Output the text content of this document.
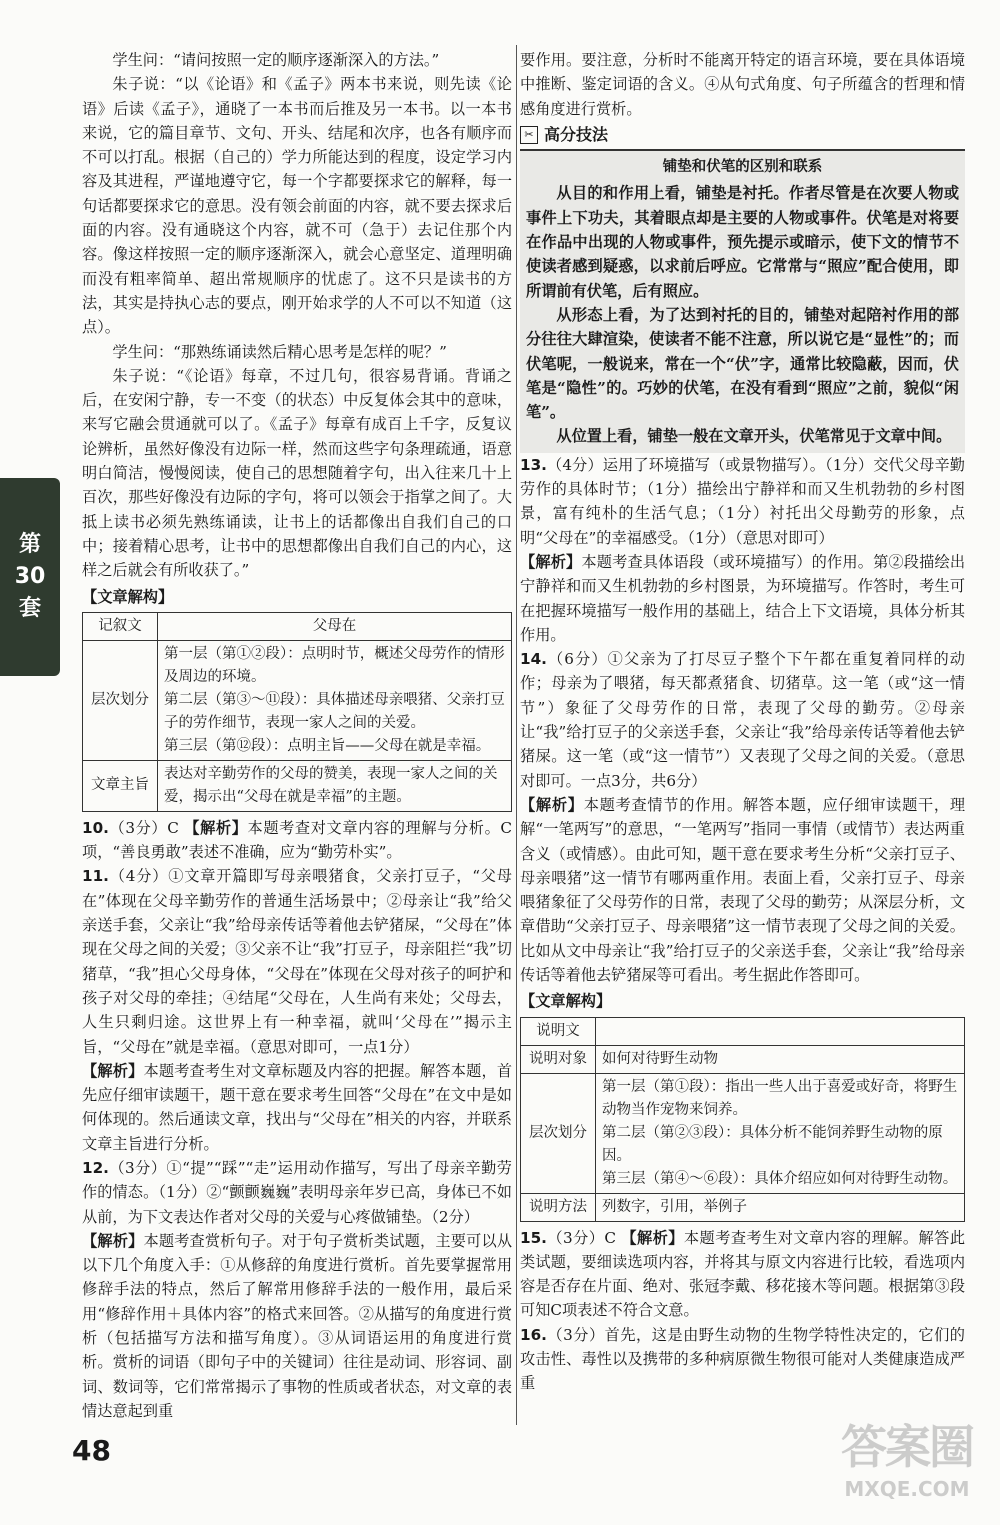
第
30
套

学生问：“请问按照一定的顺序逐渐深入的方法。”

朱子说：“以《论语》和《孟子》两本书来说，则先读《论语》后读《孟子》，通晓了一本书而后推及另一本书。以一本书来说，它的篇目章节、文句、开头、结尾和次序，也各有顺序而不可以打乱。根据（自己的）学力所能达到的程度，设定学习内容及其进程，严谨地遵守它，每一个字都要探求它的解释，每一句话都要探求它的意思。没有领会前面的内容，就不要去探求后面的内容。没有通晓这个内容，就不可（急于）去记住那个内容。像这样按照一定的顺序逐渐深入，就会心意坚定、道理明确而没有粗率简单、超出常规顺序的忧虑了。这不只是读书的方法，其实是持执心志的要点，刚开始求学的人不可以不知道（这点）。

学生问：“那熟练诵读然后精心思考是怎样的呢？”

朱子说：“《论语》每章，不过几句，很容易背诵。背诵之后，在安闲宁静，专一不变（的状态）中反复体会其中的意味，来写它融会贯通就可以了。《孟子》每章有成百上千字，反复议论辨析，虽然好像没有边际一样，然而这些字句条理疏通，语意明白简洁，慢慢阅读，使自己的思想随着字句，出入往来几十上百次，那些好像没有边际的字句，将可以领会于指掌之间了。大抵上读书必须先熟练诵读，让书上的话都像出自我们自己的口中；接着精心思考，让书中的思想都像出自我们自己的内心，这样之后就会有所收获了。”

【文章解构】
记叙文	父母在
层次划分	第一层（第①②段）：点明时节，概述父母劳作的情形及周边的环境。
第二层（第③～⑪段）：具体描述母亲喂猪、父亲打豆子的劳作细节，表现一家人之间的关爱。
第三层（第⑫段）：点明主旨——父母在就是幸福。

文章主旨	表达对辛勤劳作的父母的赞美，表现一家人之间的关爱，揭示出“父母在就是幸福”的主题。

10.（3分）C 【解析】本题考查对文章内容的理解与分析。C项，“善良勇敢”表述不准确，应为“勤劳朴实”。

11.（4分）①文章开篇即写母亲喂猪食，父亲打豆子，“父母在”体现在父母辛勤劳作的普通生活场景中；②母亲让“我”给父亲送手套，父亲让“我”给母亲传话等着他去铲猪屎，“父母在”体现在父母之间的关爱；③父亲不让“我”打豆子，母亲阻拦“我”切猪草，“我”担心父母身体，“父母在”体现在父母对孩子的呵护和孩子对父母的牵挂；④结尾“父母在，人生尚有来处；父母去，人生只剩归途。这世界上有一种幸福，就叫‘父母在’”揭示主旨，“父母在”就是幸福。（意思对即可，一点1分）

【解析】本题考查考生对文章标题及内容的把握。解答本题，首先应仔细审读题干，题干意在要求考生回答“父母在”在文中是如何体现的。然后通读文章，找出与“父母在”相关的内容，并联系文章主旨进行分析。

12.（3分）①“提”“踩”“走”运用动作描写，写出了母亲辛勤劳作的情态。（1分）②“颤颤巍巍”表明母亲年岁已高，身体已不如从前，为下文表达作者对父母的关爱与心疼做铺垫。（2分）

【解析】本题考查赏析句子。对于句子赏析类试题，主要可以从以下几个角度入手：①从修辞的角度进行赏析。首先要掌握常用修辞手法的特点，然后了解常用修辞手法的一般作用，最后采用“修辞作用＋具体内容”的格式来回答。②从描写的角度进行赏析（包括描写方法和描写角度）。③从词语运用的角度进行赏析。赏析的词语（即句子中的关键词）往往是动词、形容词、副词、数词等，它们常常揭示了事物的性质或者状态，对文章的表情达意起到重

要作用。要注意，分析时不能离开特定的语言环境，要在具体语境中推断、鉴定词语的含义。④从句式角度、句子所蕴含的哲理和情感角度进行赏析。

✂ 高分技法
铺垫和伏笔的区别和联系

从目的和作用上看，铺垫是衬托。作者尽管是在次要人物或事件上下功夫，其着眼点却是主要的人物或事件。伏笔是对将要在作品中出现的人物或事件，预先提示或暗示，使下文的情节不使读者感到疑惑，以求前后呼应。它常常与“照应”配合使用，即所谓前有伏笔，后有照应。

从形态上看，为了达到衬托的目的，铺垫对起陪衬作用的部分往往大肆渲染，使读者不能不注意，所以说它是“显性”的；而伏笔呢，一般说来，常在一个“伏”字，通常比较隐蔽，因而，伏笔是“隐性”的。巧妙的伏笔，在没有看到“照应”之前，貌似“闲笔”。

从位置上看，铺垫一般在文章开头，伏笔常见于文章中间。

13.（4分）运用了环境描写（或景物描写）。（1分）交代父母辛勤劳作的具体时节；（1分）描绘出宁静祥和而又生机勃勃的乡村图景，富有纯朴的生活气息；（1分）衬托出父母勤劳的形象，点明“父母在”的幸福感受。（1分）（意思对即可）

【解析】本题考查具体语段（或环境描写）的作用。第②段描绘出宁静祥和而又生机勃勃的乡村图景，为环境描写。作答时，考生可在把握环境描写一般作用的基础上，结合上下文语境，具体分析其作用。

14.（6分）①父亲为了打尽豆子整个下午都在重复着同样的动作；母亲为了喂猪，每天都煮猪食、切猪草。这一笔（或“这一情节”）象征了父母劳作的日常，表现了父母的勤劳。②母亲让“我”给打豆子的父亲送手套，父亲让“我”给母亲传话等着他去铲猪屎。这一笔（或“这一情节”）又表现了父母之间的关爱。（意思对即可。一点3分，共6分）

【解析】本题考查情节的作用。解答本题，应仔细审读题干，理解“一笔两写”的意思，“一笔两写”指同一事情（或情节）表达两重含义（或情感）。由此可知，题干意在要求考生分析“父亲打豆子、母亲喂猪”这一情节有哪两重作用。表面上看，父亲打豆子、母亲喂猪象征了父母劳作的日常，表现了父母的勤劳；从深层分析，文章借助“父亲打豆子、母亲喂猪”这一情节表现了父母之间的关爱。比如从文中母亲让“我”给打豆子的父亲送手套，父亲让“我”给母亲传话等着他去铲猪屎等可看出。考生据此作答即可。

【文章解构】
说明文	
说明对象	如何对待野生动物
层次划分	第一层（第①段）：指出一些人出于喜爱或好奇，将野生动物当作宠物来饲养。
第二层（第②③段）：具体分析不能饲养野生动物的原因。
第三层（第④～⑥段）：具体介绍应如何对待野生动物。

说明方法	列数字，引用，举例子

15.（3分）C 【解析】本题考查考生对文章内容的理解。解答此类试题，要细读选项内容，并将其与原文内容进行比较，看选项内容是否存在片面、绝对、张冠李戴、移花接木等问题。根据第③段可知C项表述不符合文意。

16.（3分）首先，这是由野生动物的生物学特性决定的，它们的攻击性、毒性以及携带的多种病原微生物很可能对人类健康造成严重

48	答案圈
MXQE.COM
